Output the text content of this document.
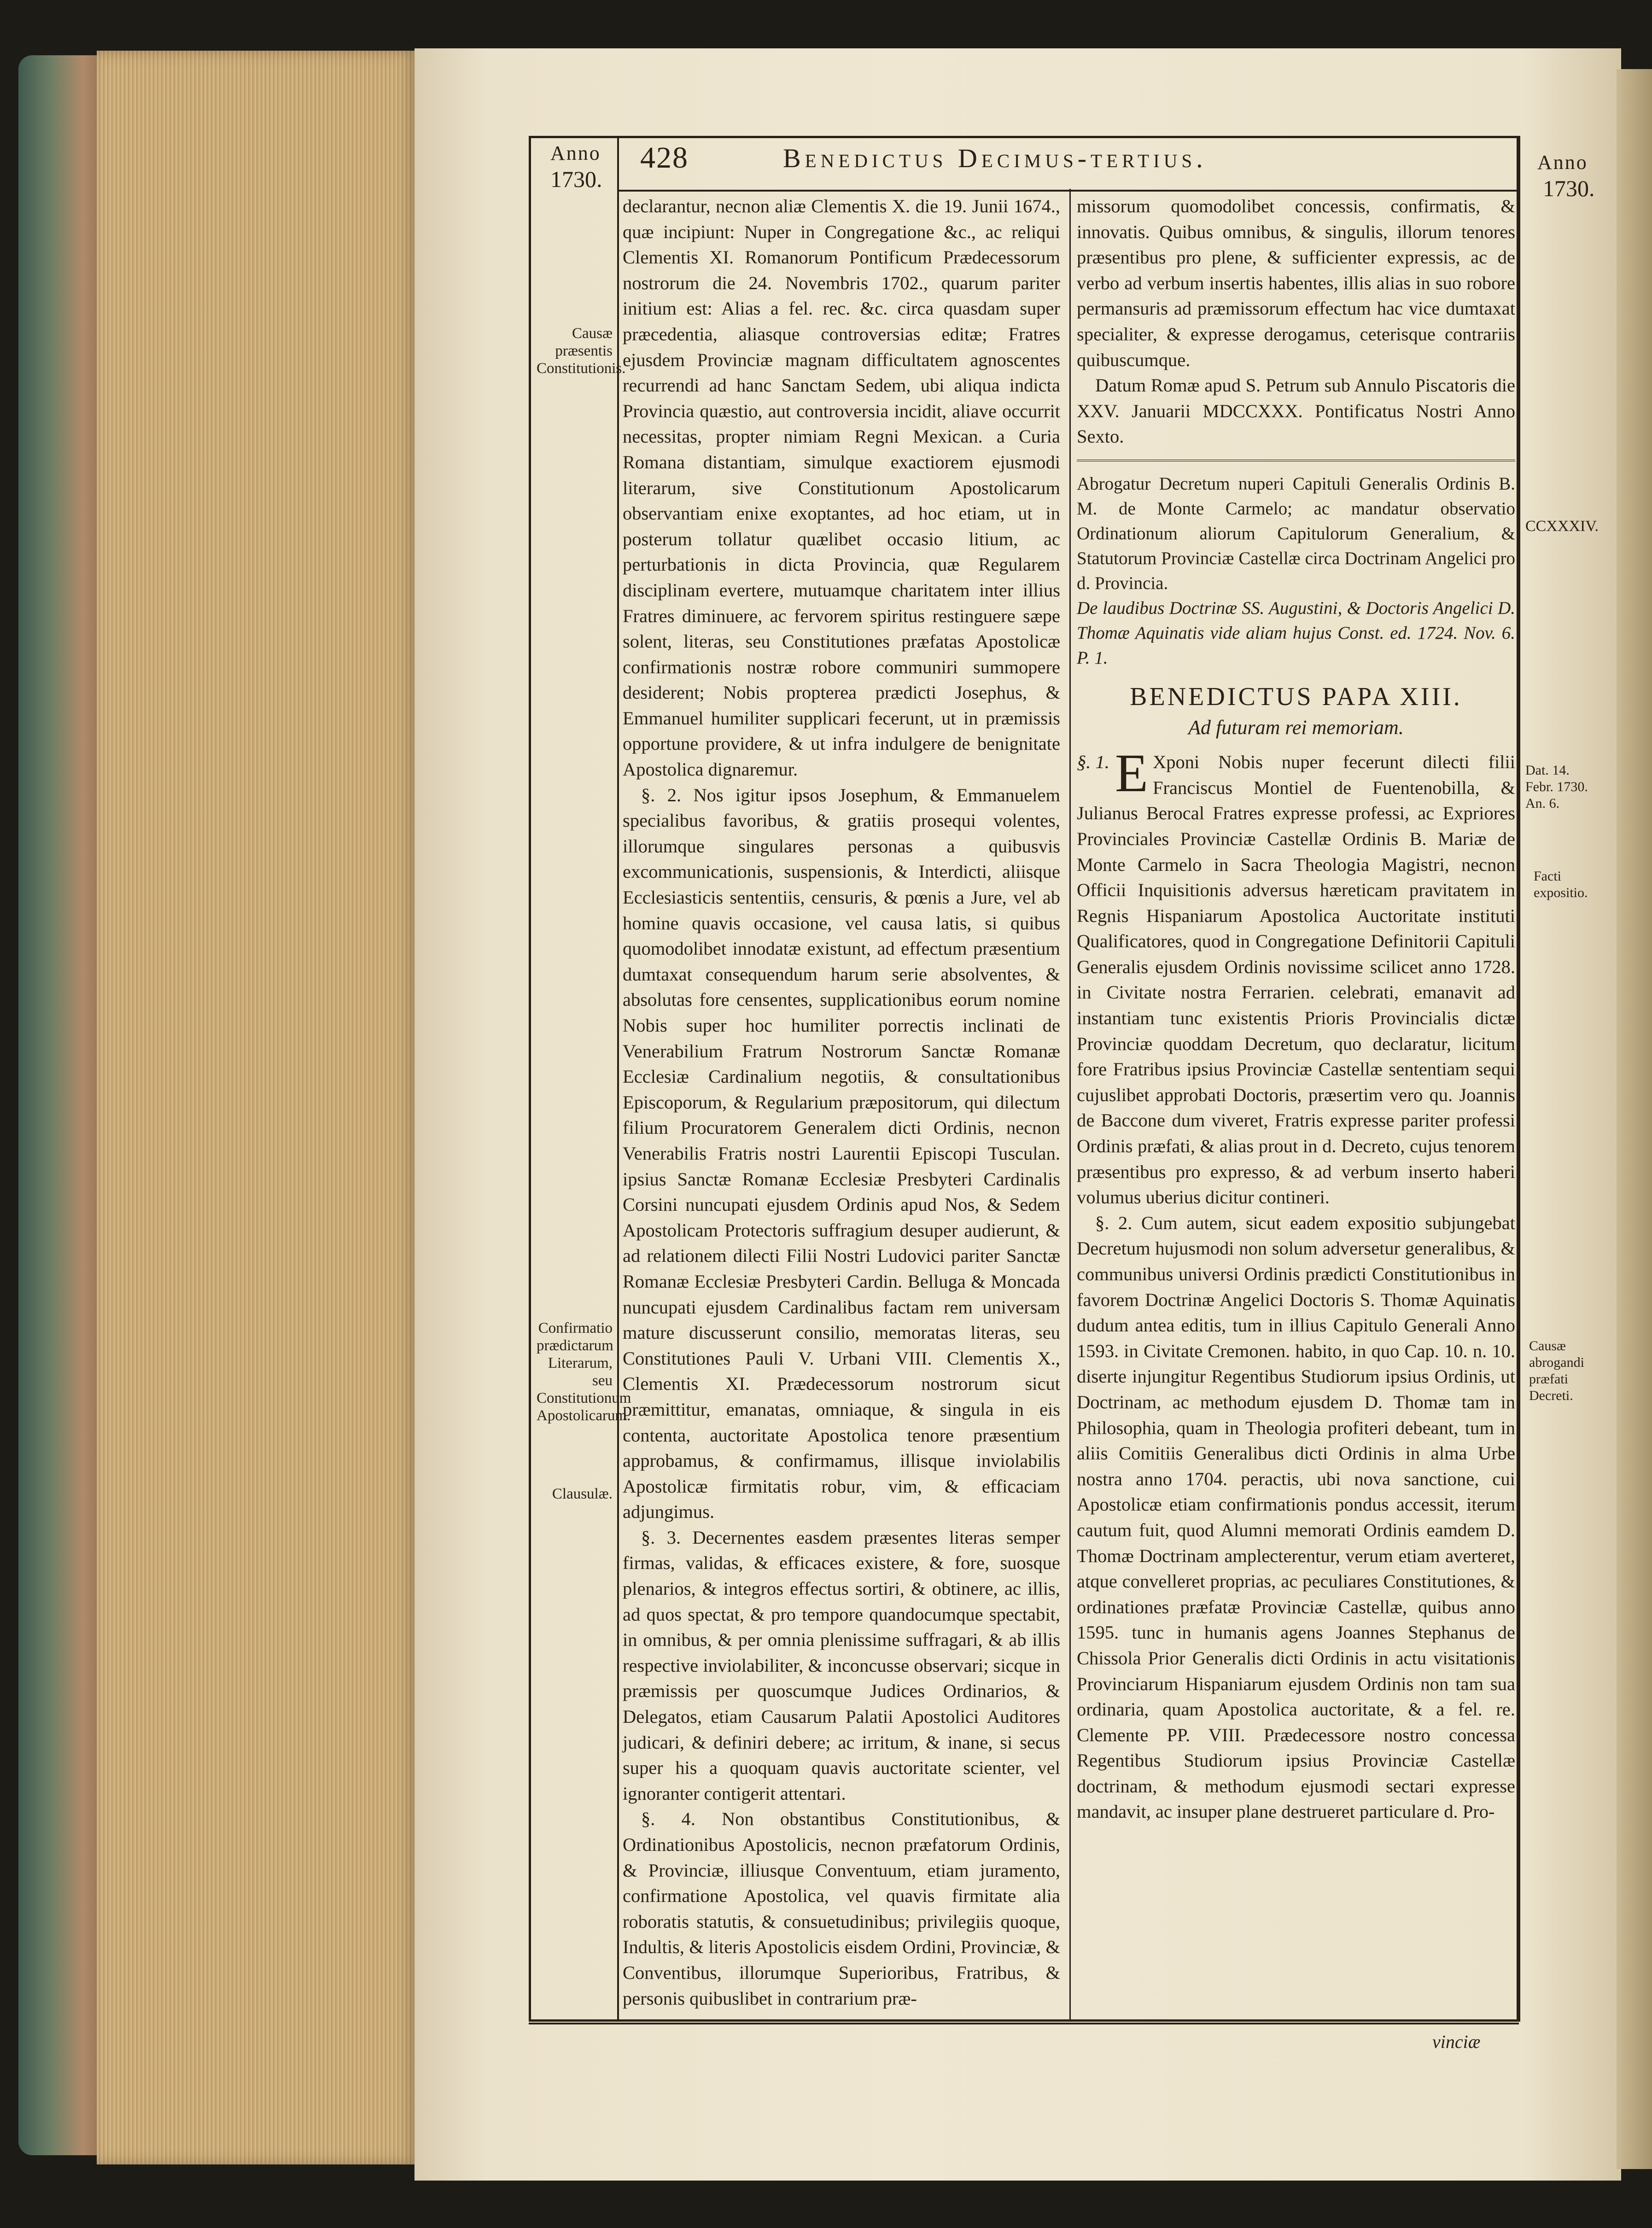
Anno
1730.
428	Benedictus Decimus-tertius.	Anno
1730.

declarantur, necnon aliæ Clementis X. die 19. Junii 1674., quæ incipiunt: Nuper in Congregatione &c., ac reliqui Clementis XI. Romanorum Pontificum Prædecessorum nostrorum die 24. Novembris 1702., quarum pariter initium est: Alias a fel. rec. &c. circa quasdam super præcedentia, aliasque controversias editæ; Fratres ejusdem Provinciæ magnam difficultatem agnoscentes recurrendi ad hanc Sanctam Sedem, ubi aliqua indicta Provincia quæstio, aut controversia incidit, aliave occurrit necessitas, propter nimiam Regni Mexican. a Curia Romana distantiam, simulque exactiorem ejusmodi literarum, sive Constitutionum Apostolicarum observantiam enixe exoptantes, ad hoc etiam, ut in posterum tollatur quælibet occasio litium, ac perturbationis in dicta Provincia, quæ Regularem disciplinam evertere, mutuamque charitatem inter illius Fratres diminuere, ac fervorem spiritus restinguere sæpe solent, literas, seu Constitutiones præfatas Apostolicæ confirmationis nostræ robore communiri summopere desiderent; Nobis propterea prædicti Josephus, & Emmanuel humiliter supplicari fecerunt, ut in præmissis opportune providere, & ut infra indulgere de benignitate Apostolica dignaremur.

§. 2. Nos igitur ipsos Josephum, & Emmanuelem specialibus favoribus, & gratiis prosequi volentes, illorumque singulares personas a quibusvis excommunicationis, suspensionis, & Interdicti, aliisque Ecclesiasticis sententiis, censuris, & pœnis a Jure, vel ab homine quavis occasione, vel causa latis, si quibus quomodolibet innodatæ existunt, ad effectum præsentium dumtaxat consequendum harum serie absolventes, & absolutas fore censentes, supplicationibus eorum nomine Nobis super hoc humiliter porrectis inclinati de Venerabilium Fratrum Nostrorum Sanctæ Romanæ Ecclesiæ Cardinalium negotiis, & consultationibus Episcoporum, & Regularium præpositorum, qui dilectum filium Procuratorem Generalem dicti Ordinis, necnon Venerabilis Fratris nostri Laurentii Episcopi Tusculan. ipsius Sanctæ Romanæ Ecclesiæ Presbyteri Cardinalis Corsini nuncupati ejusdem Ordinis apud Nos, & Sedem Apostolicam Protectoris suffragium desuper audierunt, & ad relationem dilecti Filii Nostri Ludovici pariter Sanctæ Romanæ Ecclesiæ Presbyteri Cardin. Belluga & Moncada nuncupati ejusdem Cardinalibus factam rem universam mature discusserunt consilio, memoratas literas, seu Constitutiones Pauli V. Urbani VIII. Clementis X., Clementis XI. Prædecessorum nostrorum sicut præmittitur, emanatas, omniaque, & singula in eis contenta, auctoritate Apostolica tenore præsentium approbamus, & confirmamus, illisque inviolabilis Apostolicæ firmitatis robur, vim, & efficaciam adjungimus.

§. 3. Decernentes easdem præsentes literas semper firmas, validas, & efficaces existere, & fore, suosque plenarios, & integros effectus sortiri, & obtinere, ac illis, ad quos spectat, & pro tempore quandocumque spectabit, in omnibus, & per omnia plenissime suffragari, & ab illis respective inviolabiliter, & inconcusse observari; sicque in præmissis per quoscumque Judices Ordinarios, & Delegatos, etiam Causarum Palatii Apostolici Auditores judicari, & definiri debere; ac irritum, & inane, si secus super his a quoquam quavis auctoritate scienter, vel ignoranter contigerit attentari.

§. 4. Non obstantibus Constitutionibus, & Ordinationibus Apostolicis, necnon præfatorum Ordinis, & Provinciæ, illiusque Conventuum, etiam juramento, confirmatione Apostolica, vel quavis firmitate alia roboratis statutis, & consuetudinibus; privilegiis quoque, Indultis, & literis Apostolicis eisdem Ordini, Provinciæ, & Conventibus, illorumque Superioribus, Fratribus, & personis quibuslibet in contrarium præ-

missorum quomodolibet concessis, confirmatis, & innovatis. Quibus omnibus, & singulis, illorum tenores præsentibus pro plene, & sufficienter expressis, ac de verbo ad verbum insertis habentes, illis alias in suo robore permansuris ad præmissorum effectum hac vice dumtaxat specialiter, & expresse derogamus, ceterisque contrariis quibuscumque.

Datum Romæ apud S. Petrum sub Annulo Piscatoris die XXV. Januarii MDCCXXX. Pontificatus Nostri Anno Sexto.

Abrogatur Decretum nuperi Capituli Generalis Ordinis B. M. de Monte Carmelo; ac mandatur observatio Ordinationum aliorum Capitulorum Generalium, & Statutorum Provinciæ Castellæ circa Doctrinam Angelici pro d. Provincia.

De laudibus Doctrinæ SS. Augustini, & Doctoris Angelici D. Thomæ Aquinatis vide aliam hujus Const. ed. 1724. Nov. 6. P. 1.

BENEDICTUS PAPA XIII.
Ad futuram rei memoriam.

§. 1. E Xponi Nobis nuper fecerunt dilecti filii Franciscus Montiel de Fuentenobilla, & Julianus Berocal Fratres expresse professi, ac Expriores Provinciales Provinciæ Castellæ Ordinis B. Mariæ de Monte Carmelo in Sacra Theologia Magistri, necnon Officii Inquisitionis adversus hæreticam pravitatem in Regnis Hispaniarum Apostolica Auctoritate instituti Qualificatores, quod in Congregatione Definitorii Capituli Generalis ejusdem Ordinis novissime scilicet anno 1728. in Civitate nostra Ferrarien. celebrati, emanavit ad instantiam tunc existentis Prioris Provincialis dictæ Provinciæ quoddam Decretum, quo declaratur, licitum fore Fratribus ipsius Provinciæ Castellæ sententiam sequi cujuslibet approbati Doctoris, præsertim vero qu. Joannis de Baccone dum viveret, Fratris expresse pariter professi Ordinis præfati, & alias prout in d. Decreto, cujus tenorem præsentibus pro expresso, & ad verbum inserto haberi volumus uberius dicitur contineri.

§. 2. Cum autem, sicut eadem expositio subjungebat Decretum hujusmodi non solum adversetur generalibus, & communibus universi Ordinis prædicti Constitutionibus in favorem Doctrinæ Angelici Doctoris S. Thomæ Aquinatis dudum antea editis, tum in illius Capitulo Generali Anno 1593. in Civitate Cremonen. habito, in quo Cap. 10. n. 10. diserte injungitur Regentibus Studiorum ipsius Ordinis, ut Doctrinam, ac methodum ejusdem D. Thomæ tam in Philosophia, quam in Theologia profiteri debeant, tum in aliis Comitiis Generalibus dicti Ordinis in alma Urbe nostra anno 1704. peractis, ubi nova sanctione, cui Apostolicæ etiam confirmationis pondus accessit, iterum cautum fuit, quod Alumni memorati Ordinis eamdem D. Thomæ Doctrinam amplecterentur, verum etiam averteret, atque convelleret proprias, ac peculiares Constitutiones, & ordinationes præfatæ Provinciæ Castellæ, quibus anno 1595. tunc in humanis agens Joannes Stephanus de Chissola Prior Generalis dicti Ordinis in actu visitationis Provinciarum Hispaniarum ejusdem Ordinis non tam sua ordinaria, quam Apostolica auctoritate, & a fel. re. Clemente PP. VIII. Prædecessore nostro concessa Regentibus Studiorum ipsius Provinciæ Castellæ doctrinam, & methodum ejusmodi sectari expresse mandavit, ac insuper plane destrueret particulare d. Pro-

Causæ præsentis Constitutionis.
Confirmatio prædictarum Literarum, seu Constitutionum Apostolicarum.
Clausulæ.
CCXXXIV.
Dat. 14. Febr. 1730. An. 6.
Facti expositio.
Causæ abrogandi præfati Decreti.
vinciæ
